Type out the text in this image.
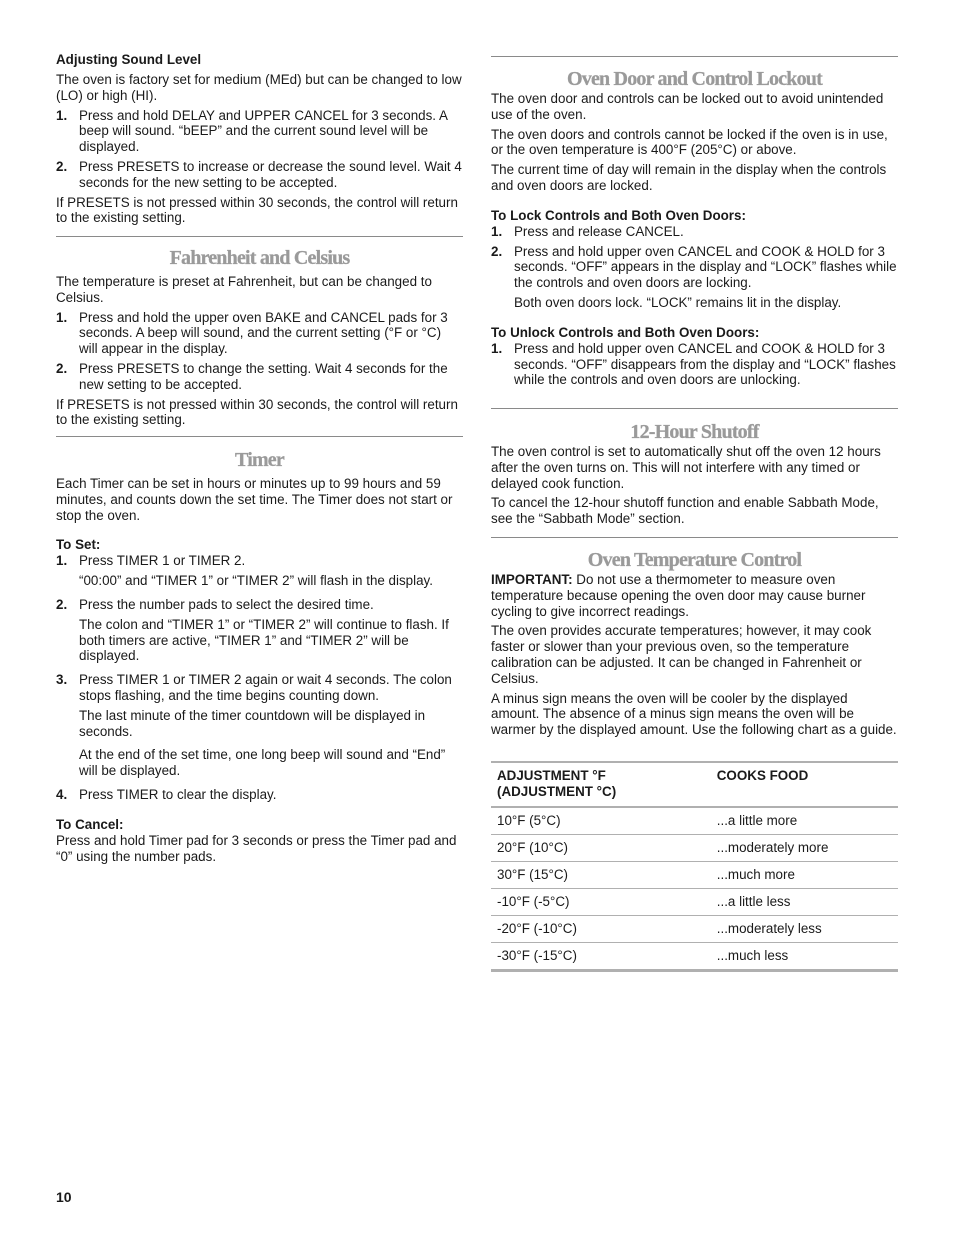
Adjusting Sound Level

The oven is factory set for medium (MEd) but can be changed to low (LO) or high (HI).

1. Press and hold DELAY and UPPER CANCEL for 3 seconds. A beep will sound. “bEEP” and the current sound level will be displayed.
2. Press PRESETS to increase or decrease the sound level. Wait 4 seconds for the new setting to be accepted.

If PRESETS is not pressed within 30 seconds, the control will return to the existing setting.

Fahrenheit and Celsius

The temperature is preset at Fahrenheit, but can be changed to Celsius.

1. Press and hold the upper oven BAKE and CANCEL pads for 3 seconds. A beep will sound, and the current setting (°F or °C) will appear in the display.
2. Press PRESETS to change the setting. Wait 4 seconds for the new setting to be accepted.

If PRESETS is not pressed within 30 seconds, the control will return to the existing setting.

Timer

Each Timer can be set in hours or minutes up to 99 hours and 59 minutes, and counts down the set time. The Timer does not start or stop the oven.

To Set:
1. Press TIMER 1 or TIMER 2.

“00:00” and “TIMER 1” or “TIMER 2” will flash in the display.

2. Press the number pads to select the desired time.

The colon and “TIMER 1” or “TIMER 2” will continue to flash. If both timers are active, “TIMER 1” and “TIMER 2” will be displayed.

3. Press TIMER 1 or TIMER 2 again or wait 4 seconds. The colon stops flashing, and the time begins counting down.

The last minute of the timer countdown will be displayed in seconds.

At the end of the set time, one long beep will sound and “End” will be displayed.

4. Press TIMER to clear the display.
To Cancel:

Press and hold Timer pad for 3 seconds or press the Timer pad and “0” using the number pads.

Oven Door and Control Lockout

The oven door and controls can be locked out to avoid unintended use of the oven.

The oven doors and controls cannot be locked if the oven is in use, or the oven temperature is 400°F (205°C) or above.

The current time of day will remain in the display when the controls and oven doors are locked.

To Lock Controls and Both Oven Doors:
1. Press and release CANCEL.
2. Press and hold upper oven CANCEL and COOK & HOLD for 3 seconds. “OFF” appears in the display and “LOCK” flashes while the controls and oven doors are locking.

Both oven doors lock. “LOCK” remains lit in the display.

To Unlock Controls and Both Oven Doors:
1. Press and hold upper oven CANCEL and COOK & HOLD for 3 seconds. “OFF” disappears from the display and “LOCK” flashes while the controls and oven doors are unlocking.
12-Hour Shutoff

The oven control is set to automatically shut off the oven 12 hours after the oven turns on. This will not interfere with any timed or delayed cook function.

To cancel the 12-hour shutoff function and enable Sabbath Mode, see the “Sabbath Mode” section.

Oven Temperature Control

IMPORTANT: Do not use a thermometer to measure oven temperature because opening the oven door may cause burner cycling to give incorrect readings.

The oven provides accurate temperatures; however, it may cook faster or slower than your previous oven, so the temperature calibration can be adjusted. It can be changed in Fahrenheit or Celsius.

A minus sign means the oven will be cooler by the displayed amount. The absence of a minus sign means the oven will be warmer by the displayed amount. Use the following chart as a guide.

ADJUSTMENT °F
(ADJUSTMENT °C)	COOKS FOOD
10°F (5°C)	...a little more
20°F (10°C)	...moderately more
30°F (15°C)	...much more
-10°F (-5°C)	...a little less
-20°F (-10°C)	...moderately less
-30°F (-15°C)	...much less
10
